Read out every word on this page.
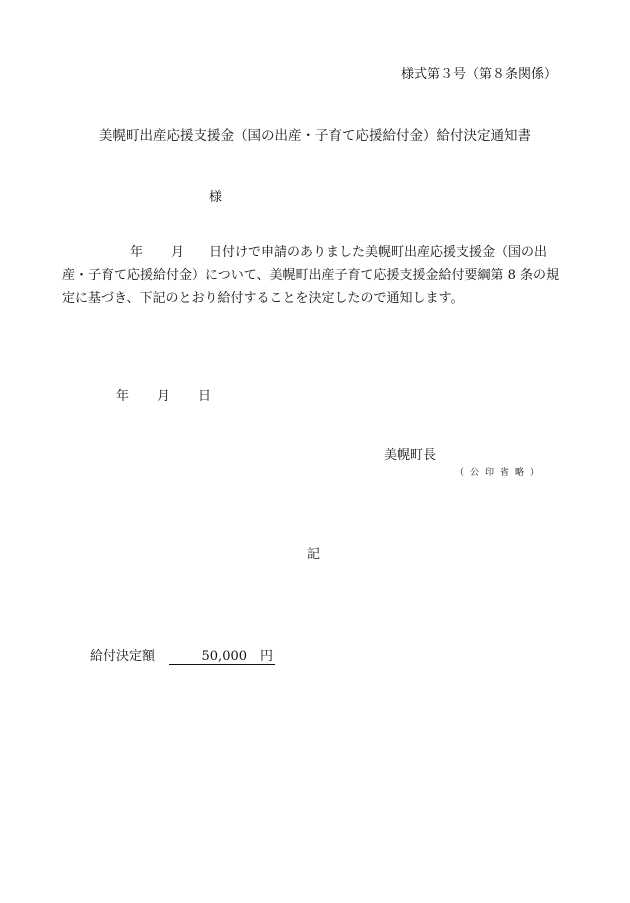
様式第３号（第８条関係）
美幌町出産応援支援金（国の出産・子育て応援給付金）給付決定通知書
様
年 月 日付けで申請のありました美幌町出産応援支援金（国の出産・子育て応援給付金）について、美幌町出産子育て応援支援金給付要綱第 8 条の規定に基づき、下記のとおり給付することを決定したので通知します。
年 月 日
美幌町長
（公印省略）
記
給付決定額	50,000　円
